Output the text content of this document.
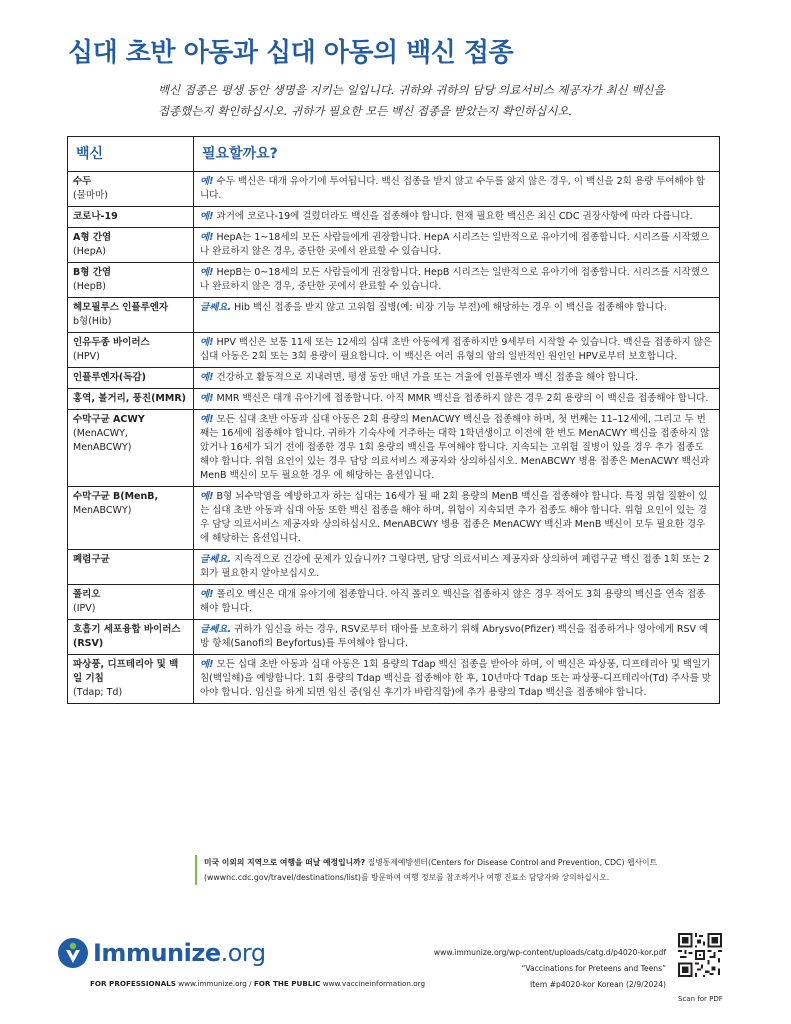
십대 초반 아동과 십대 아동의 백신 접종
백신 접종은 평생 동안 생명을 지키는 일입니다. 귀하와 귀하의 담당 의료서비스 제공자가 최신 백신을
접종했는지 확인하십시오. 귀하가 필요한 모든 백신 접종을 받았는지 확인하십시오.
백신	필요할까요?

수두
(물마마)	예! 수두 백신은 대개 유아기에 투여됩니다. 백신 접종을 받지 않고 수두를 앓지 않은 경우, 이 백신을 2회 용량 투여해야 합니다.

코로나-19	예! 과거에 코로나-19에 걸렸더라도 백신을 접종해야 합니다. 현재 필요한 백신은 최신 CDC 권장사항에 따라 다릅니다.

A형 간염
(HepA)	예! HepA는 1~18세의 모든 사람들에게 권장합니다. HepA 시리즈는 일반적으로 유아기에 접종합니다. 시리즈를 시작했으나 완료하지 않은 경우, 중단한 곳에서 완료할 수 있습니다.

B형 간염
(HepB)	예! HepB는 0~18세의 모든 사람들에게 권장합니다. HepB 시리즈는 일반적으로 유아기에 접종합니다. 시리즈를 시작했으나 완료하지 않은 경우, 중단한 곳에서 완료할 수 있습니다.

헤모필루스 인플루엔자
b형(Hib)	글쎄요. Hib 백신 접종을 받지 않고 고위험 질병(예: 비장 기능 부전)에 해당하는 경우 이 백신을 접종해야 합니다.

인유두종 바이러스
(HPV)	예! HPV 백신은 보통 11세 또는 12세의 십대 초반 아동에게 접종하지만 9세부터 시작할 수 있습니다. 백신을 접종하지 않은 십대 아동은 2회 또는 3회 용량이 필요합니다. 이 백신은 여러 유형의 암의 일반적인 원인인 HPV로부터 보호합니다.

인플루엔자(독감)	예! 건강하고 활동적으로 지내려면, 평생 동안 매년 가을 또는 겨울에 인플루엔자 백신 접종을 해야 합니다.

홍역, 볼거리, 풍진(MMR)	예! MMR 백신은 대개 유아기에 접종합니다. 아직 MMR 백신을 접종하지 않은 경우 2회 용량의 이 백신을 접종해야 합니다.

수막구균 ACWY
(MenACWY, MenABCWY)	예! 모든 십대 초반 아동과 십대 아동은 2회 용량의 MenACWY 백신을 접종해야 하며, 첫 번째는 11–12세에, 그리고 두 번째는 16세에 접종해야 합니다. 귀하가 기숙사에 거주하는 대학 1학년생이고 이전에 한 번도 MenACWY 백신을 접종하지 않았거나 16세가 되기 전에 접종한 경우 1회 용량의 백신을 투여해야 합니다. 지속되는 고위험 질병이 있을 경우 추가 접종도 해야 합니다. 위험 요인이 있는 경우 담당 의료서비스 제공자와 상의하십시오. MenABCWY 병용 접종은 MenACWY 백신과 MenB 백신이 모두 필요한 경우 에 해당하는 옵션입니다.

수막구균 B(MenB,
MenABCWY)	예! B형 뇌수막염을 예방하고자 하는 십대는 16세가 될 때 2회 용량의 MenB 백신을 접종해야 합니다. 특정 위험 질환이 있는 십대 초반 아동과 십대 아동 또한 백신 접종을 해야 하며, 위험이 지속되면 추가 접종도 해야 합니다. 위험 요인이 있는 경우 담당 의료서비스 제공자와 상의하십시오. MenABCWY 병용 접종은 MenACWY 백신과 MenB 백신이 모두 필요한 경우 에 해당하는 옵션입니다.

폐렴구균	글쎄요. 지속적으로 건강에 문제가 있습니까? 그렇다면, 담당 의료서비스 제공자와 상의하여 폐렴구균 백신 접종 1회 또는 2회가 필요한지 알아보십시오.

폴리오
(IPV)	예! 폴리오 백신은 대개 유아기에 접종합니다. 아직 폴리오 백신을 접종하지 않은 경우 적어도 3회 용량의 백신을 연속 접종해야 합니다.

호흡기 세포융합 바이러스(RSV)	글쎄요. 귀하가 임신을 하는 경우, RSV로부터 태아를 보호하기 위해 Abrysvo(Pfizer) 백신을 접종하거나 영아에게 RSV 예방 항체(Sanofi의 Beyfortus)를 투여해야 합니다.

파상풍, 디프테리아 및 백일 기침
(Tdap; Td)	예! 모든 십대 초반 아동과 십대 아동은 1회 용량의 Tdap 백신 접종을 받아야 하며, 이 백신은 파상풍, 디프테리아 및 백일기침(백일해)을 예방합니다. 1회 용량의 Tdap 백신을 접종해야 한 후, 10년마다 Tdap 또는 파상풍-디프테리아(Td) 주사를 맞아야 합니다. 임신을 하게 되면 임신 중(임신 후기가 바람직함)에 추가 용량의 Tdap 백신을 접종해야 합니다.
미국 이외의 지역으로 여행을 떠날 예정입니까? 질병통제예방센터(Centers for Disease Control and Prevention, CDC) 웹사이트(wwwnc.cdc.gov/travel/destinations/list)를 방문하여 여행 정보를 참조하거나 여행 진료소 담당자와 상의하십시오.
Immunize.org
FOR PROFESSIONALS www.immunize.org / FOR THE PUBLIC www.vaccineinformation.org
www.immunize.org/wp-content/uploads/catg.d/p4020-kor.pdf
“Vaccinations for Preteens and Teens”
Item #p4020-kor Korean (2/9/2024)
Scan for PDF
